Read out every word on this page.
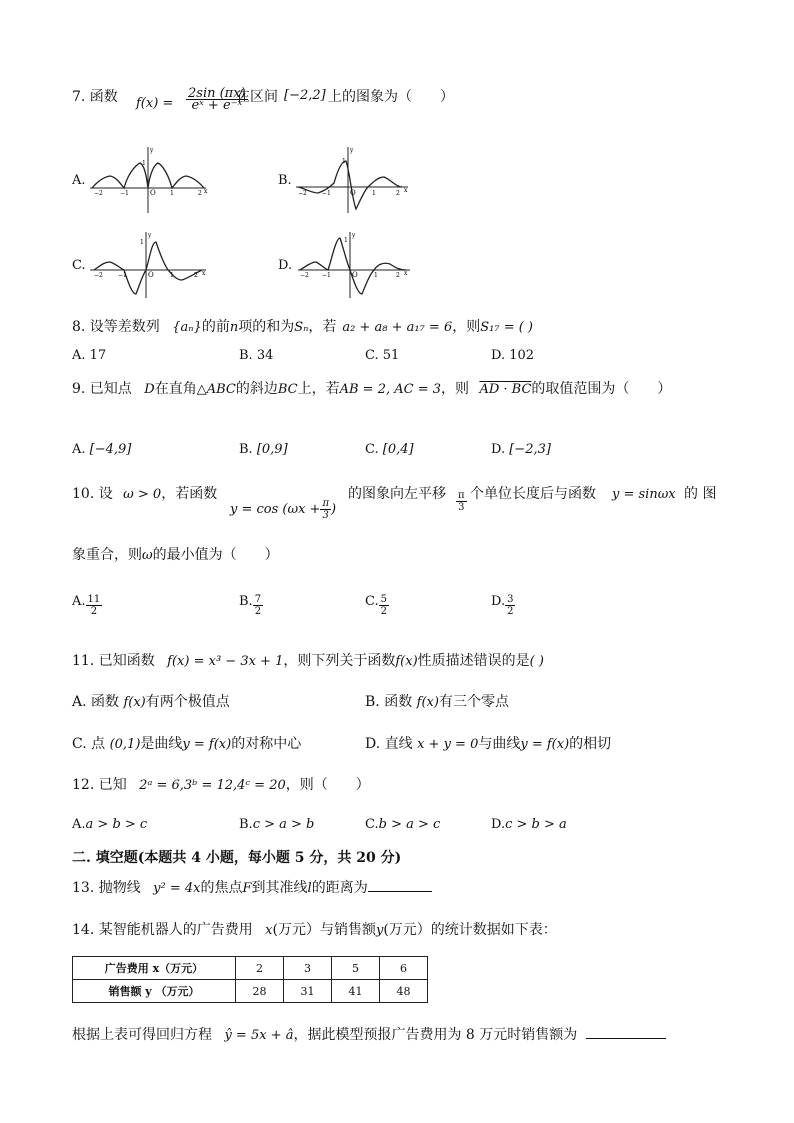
7. 函数 $f(x) = \frac{2\sin (\pi x)}{\text{eˣ + e⁻ˣ}}$
在区间 [−2,2] 上的图象为（　　）
A.	B.
C.	D.
−2	−1	O 1	2 x
y
1
−2	−1	O	1	2 x
y
1
−2	−1	O	1	2 x
y
1
−2 −1	O	1	2 x
y
1
8. 设等差数列 {aₙ}的前n项的和为Sₙ，若 a₂ + a₈ + a₁₇ = 6，则S₁₇ = ( )
A. 17	B. 34	C. 51	D. 102
9. 已知点 D在直角△ABC的斜边BC上，若AB = 2, AC = 3，则 AD · BC的取值范围为（　　）
A. [−4,9]	B. [0,9]	C. [0,4]	D. [−2,3]
10. 设 ω > 0，若函数
$y = \cos (\omega x + \frac{\pi}{3}$ )
的图象向左平移 $\frac{\pi}{3}$ 个单位长度后与函数 y = sinωx 的 图
象重合，则ω的最小值为（　　）
A. $\frac{11}{2}$	B. $\frac{7}{2}$	C. $\frac{5}{2}$	D. $\frac{3}{2}$
11. 已知函数 f(x) = x³ − 3x + 1，则下列关于函数f(x)性质描述错误的是( )
A. 函数 f(x)有两个极值点	B. 函数 f(x)有三个零点
C. 点 (0,1)是曲线y = f(x)的对称中心	D. 直线 x + y = 0与曲线y = f(x)的相切
12. 已知 2ᵃ = 6,3ᵇ = 12,4ᶜ = 20，则（　　）
A.a > b > c	B.c > a > b	C.b > a > c	D.c > b > a
二. 填空题(本题共 4 小题，每小题 5 分，共 20 分)
13. 抛物线 y² = 4x的焦点F到其准线l的距离为
14. 某智能机器人的广告费用 x(万元）与销售额y(万元）的统计数据如下表：
广告费用 x（万元）	2	3	5	6
销售额 y （万元）	28	31	41	48
根据上表可得回归方程 ŷ = 5x + â，据此模型预报广告费用为 8 万元时销售额为
